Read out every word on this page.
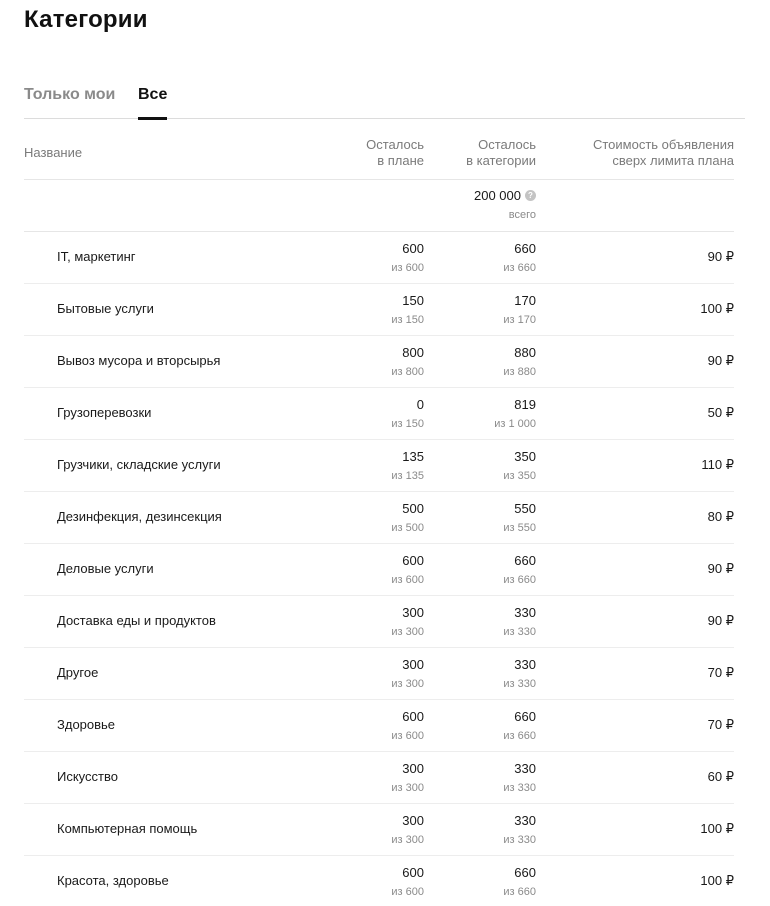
Категории
Только мои Все
Название
Осталось
в плане
Осталось
в категории
Стоимость объявления
сверх лимита плана
200 000 ?
всего
IT, маркетинг
600
из 600
660
из 660
90 ₽
Бытовые услуги
150
из 150
170
из 170
100 ₽
Вывоз мусора и вторсырья
800
из 800
880
из 880
90 ₽
Грузоперевозки
0
из 150
819
из 1 000
50 ₽
Грузчики, складские услуги
135
из 135
350
из 350
110 ₽
Дезинфекция, дезинсекция
500
из 500
550
из 550
80 ₽
Деловые услуги
600
из 600
660
из 660
90 ₽
Доставка еды и продуктов
300
из 300
330
из 330
90 ₽
Другое
300
из 300
330
из 330
70 ₽
Здоровье
600
из 600
660
из 660
70 ₽
Искусство
300
из 300
330
из 330
60 ₽
Компьютерная помощь
300
из 300
330
из 330
100 ₽
Красота, здоровье
600
из 600
660
из 660
100 ₽
